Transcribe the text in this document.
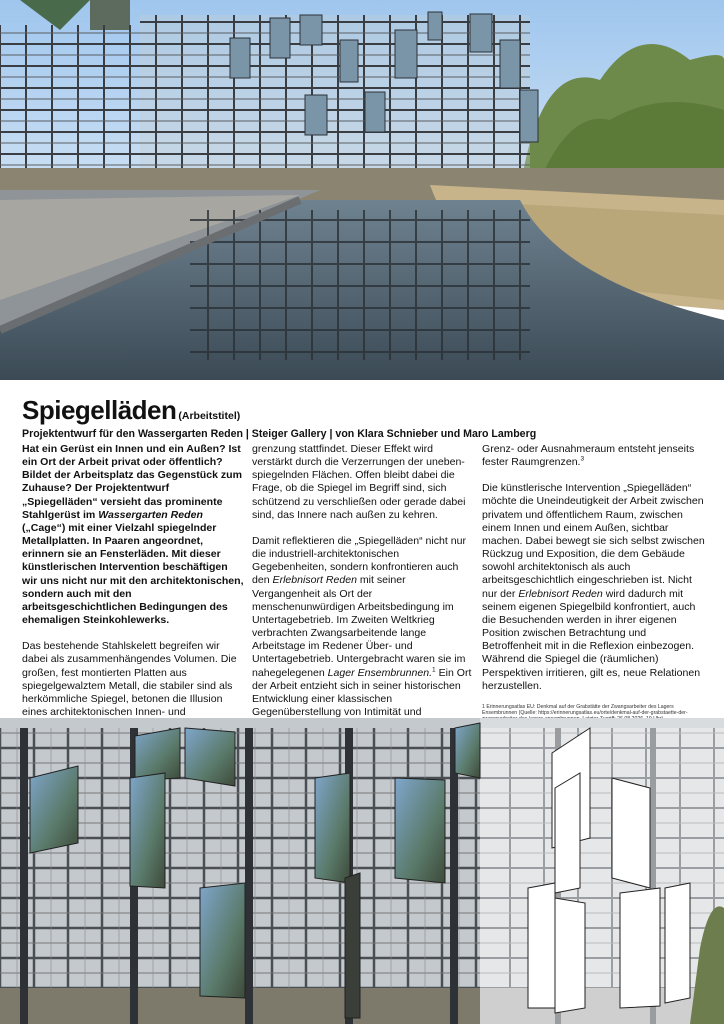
Spiegelläden (Arbeitstitel)
Projektentwurf für den Wassergarten Reden | Steiger Gallery | von Klara Schnieber und Maro Lamberg

Hat ein Gerüst ein Innen und ein Außen? Ist ein Ort der Arbeit privat oder öffentlich? Bildet der Arbeitsplatz das Gegenstück zum Zuhause? Der Projektentwurf „Spiegelläden“ versieht das prominente Stahlgerüst im Wassergarten Reden („Cage“) mit einer Vielzahl spiegelnder Metallplatten. In Paaren angeordnet, erinnern sie an Fensterläden. Mit dieser künstlerischen Intervention beschäftigen wir uns nicht nur mit den architektonischen, sondern auch mit den arbeitsgeschichtlichen Bedingungen des ehemaligen Steinkohlewerks.

Das bestehende Stahlskelett begreifen wir dabei als zusammenhängendes Volumen. Die großen, fest montierten Platten aus spiegelgewalztem Metall, die stabiler sind als herkömmliche Spiegel, betonen die Illusion eines architektonischen Innen- und

grenzung stattfindet. Dieser Effekt wird verstärkt durch die Verzerrungen der uneben-spiegelnden Flächen. Offen bleibt dabei die Frage, ob die Spiegel im Begriff sind, sich schützend zu verschließen oder gerade dabei sind, das Innere nach außen zu kehren.

Damit reflektieren die „Spiegelläden“ nicht nur die industriell-architektonischen Gegebenheiten, sondern konfrontieren auch den Erlebnisort Reden mit seiner Vergangenheit als Ort der menschenunwürdigen Arbeitsbedingung im Untertagebetrieb. Im Zweiten Weltkrieg verbrachten Zwangsarbeitende lange Arbeitstage im Redener Über- und Untertagebetrieb. Untergebracht waren sie im nahegelegenen Lager Ensembrunnen.$^1$ Ein Ort der Arbeit entzieht sich in seiner historischen Entwicklung einer klassischen Gegenüberstellung von Intimität und

Grenz- oder Ausnahmeraum entsteht jenseits fester Raumgrenzen.$^3$

Die künstlerische Intervention „Spiegelläden“ möchte die Uneindeutigkeit der Arbeit zwischen privatem und öffentlichem Raum, zwischen einem Innen und einem Außen, sichtbar machen. Dabei bewegt sie sich selbst zwischen Rückzug und Exposition, die dem Gebäude sowohl architektonisch als auch arbeitsgeschichtlich eingeschrieben ist. Nicht nur der Erlebnisort Reden wird dadurch mit seinem eigenen Spiegelbild konfrontiert, auch die Besuchenden werden in ihrer eigenen Position zwischen Betrachtung und Betroffenheit mit in die Reflexion einbezogen. Während die Spiegel die (räumlichen) Perspektiven irritieren, gilt es, neue Relationen herzustellen.

1 Erinnerungsatlas EU: Denkmal auf der Grabstätte der Zwangsarbeiter des Lagers Ensembrunnen (Quelle: https://erinnerungsatlas.eu/orte/denkmal-auf-der-grabstaette-der-
